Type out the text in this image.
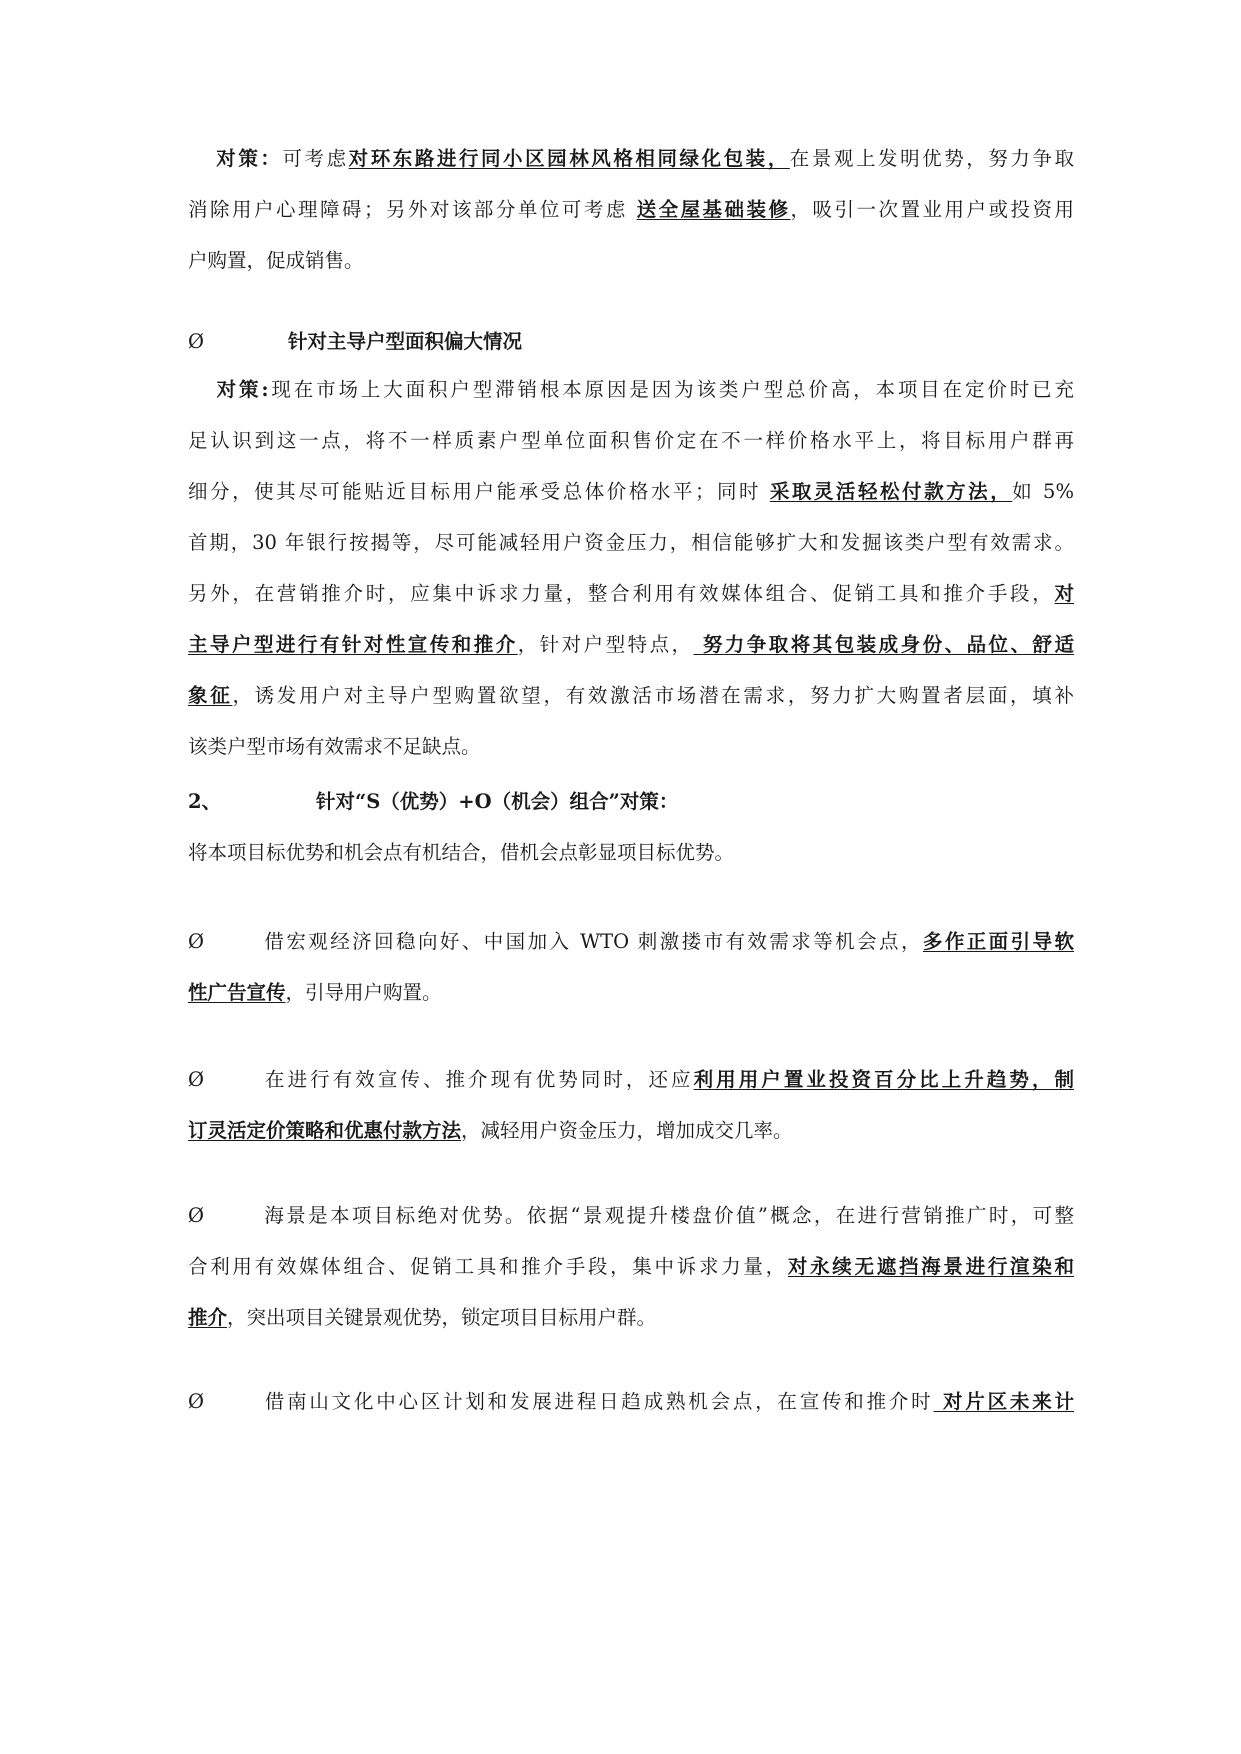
  对策：可考虑对环东路进行同小区园林风格相同绿化包装，在景观上发明优势，努力争取

消除用户心理障碍；另外对该部分单位可考虑 送全屋基础装修，吸引一次置业用户或投资用

户购置，促成销售。

Ø	针对主导户型面积偏大情况

  对策:现在市场上大面积户型滞销根本原因是因为该类户型总价高，本项目在定价时已充

足认识到这一点，将不一样质素户型单位面积售价定在不一样价格水平上，将目标用户群再

细分，使其尽可能贴近目标用户能承受总体价格水平；同时 采取灵活轻松付款方法，如 5%

首期，30 年银行按揭等，尽可能减轻用户资金压力，相信能够扩大和发掘该类户型有效需求。

另外，在营销推介时，应集中诉求力量，整合利用有效媒体组合、促销工具和推介手段，对

主导户型进行有针对性宣传和推介，针对户型特点， 努力争取将其包装成身份、品位、舒适

象征，诱发用户对主导户型购置欲望，有效激活市场潜在需求，努力扩大购置者层面，填补

该类户型市场有效需求不足缺点。

2、	针对“S（优势）+O（机会）组合”对策：

将本项目标优势和机会点有机结合，借机会点彰显项目标优势。

Ø	借宏观经济回稳向好、中国加入 WTO 刺激搂市有效需求等机会点，多作正面引导软

性广告宣传，引导用户购置。

Ø	在进行有效宣传、推介现有优势同时，还应利用用户置业投资百分比上升趋势，制

订灵活定价策略和优惠付款方法，减轻用户资金压力，增加成交几率。

Ø	海景是本项目标绝对优势。依据“景观提升楼盘价值”概念，在进行营销推广时，可整

合利用有效媒体组合、促销工具和推介手段，集中诉求力量，对永续无遮挡海景进行渲染和

推介，突出项目关键景观优势，锁定项目目标用户群。

Ø	借南山文化中心区计划和发展进程日趋成熟机会点，在宣传和推介时 对片区未来计
